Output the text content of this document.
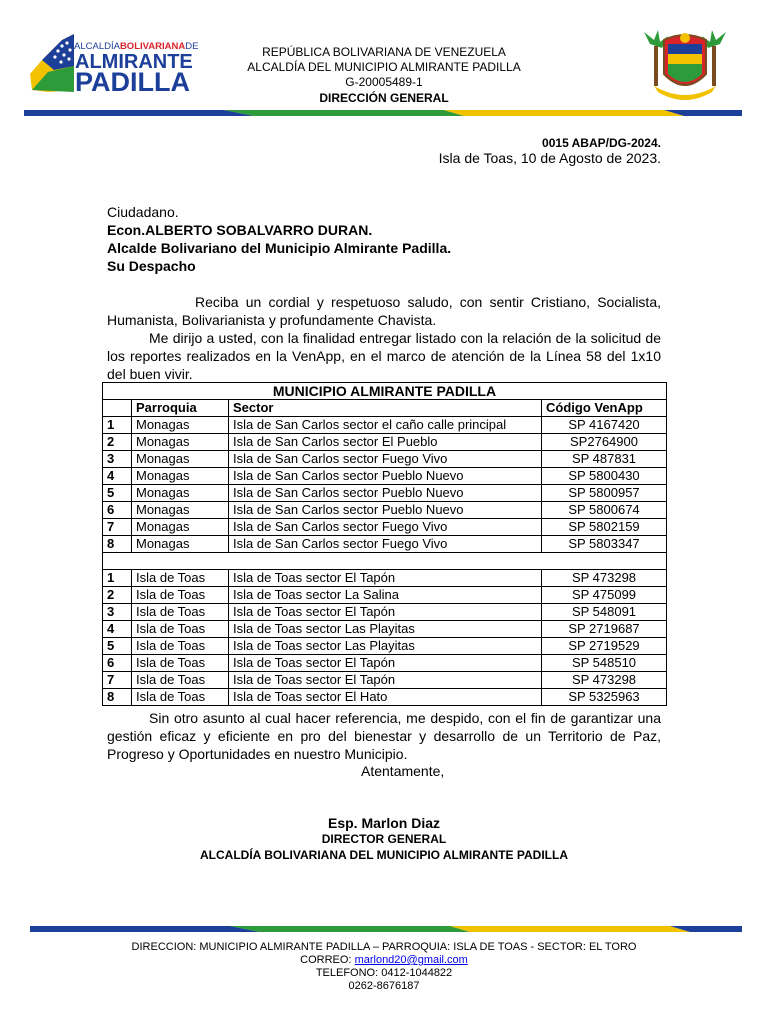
ALCALDÍABOLIVARIANADE
ALMIRANTE
PADILLA
REPÚBLICA BOLIVARIANA DE VENEZUELA
ALCALDÍA DEL MUNICIPIO ALMIRANTE PADILLA
G-20005489-1
DIRECCIÓN GENERAL
0015 ABAP/DG-2024.
Isla de Toas, 10 de Agosto de 2023.
Ciudadano.
Econ.ALBERTO SOBALVARRO DURAN.
Alcalde Bolivariano del Municipio Almirante Padilla.
Su Despacho

Reciba un cordial y respetuoso saludo, con sentir Cristiano, Socialista, Humanista, Bolivarianista y profundamente Chavista.

Me dirijo a usted, con la finalidad entregar listado con la relación de la solicitud de los reportes realizados en la VenApp, en el marco de atención de la Línea 58 del 1x10 del buen vivir.

MUNICIPIO ALMIRANTE PADILLA			
	Parroquia	Sector	Código VenApp
1	Monagas	Isla de San Carlos sector el caño calle principal	SP 4167420
2	Monagas	Isla de San Carlos sector El Pueblo	SP2764900
3	Monagas	Isla de San Carlos sector Fuego Vivo	SP 487831
4	Monagas	Isla de San Carlos sector Pueblo Nuevo	SP 5800430
5	Monagas	Isla de San Carlos sector Pueblo Nuevo	SP 5800957
6	Monagas	Isla de San Carlos sector Pueblo Nuevo	SP 5800674
7	Monagas	Isla de San Carlos sector Fuego Vivo	SP 5802159
8	Monagas	Isla de San Carlos sector Fuego Vivo	SP 5803347

1	Isla de Toas	Isla de Toas sector El Tapón	SP 473298
2	Isla de Toas	Isla de Toas sector La Salina	SP 475099
3	Isla de Toas	Isla de Toas sector El Tapón	SP 548091
4	Isla de Toas	Isla de Toas sector Las Playitas	SP 2719687
5	Isla de Toas	Isla de Toas sector Las Playitas	SP 2719529
6	Isla de Toas	Isla de Toas sector El Tapón	SP 548510
7	Isla de Toas	Isla de Toas sector El Tapón	SP 473298
8	Isla de Toas	Isla de Toas sector El Hato	SP 5325963

Sin otro asunto al cual hacer referencia, me despido, con el fin de garantizar una gestión eficaz y eficiente en pro del bienestar y desarrollo de un Territorio de Paz, Progreso y Oportunidades en nuestro Municipio.

Atentamente,
Esp. Marlon Diaz
DIRECTOR GENERAL
ALCALDÍA BOLIVARIANA DEL MUNICIPIO ALMIRANTE PADILLA
DIRECCION: MUNICIPIO ALMIRANTE PADILLA – PARROQUIA: ISLA DE TOAS - SECTOR: EL TORO
CORREO: marlond20@gmail.com
TELEFONO: 0412-1044822
0262-8676187
